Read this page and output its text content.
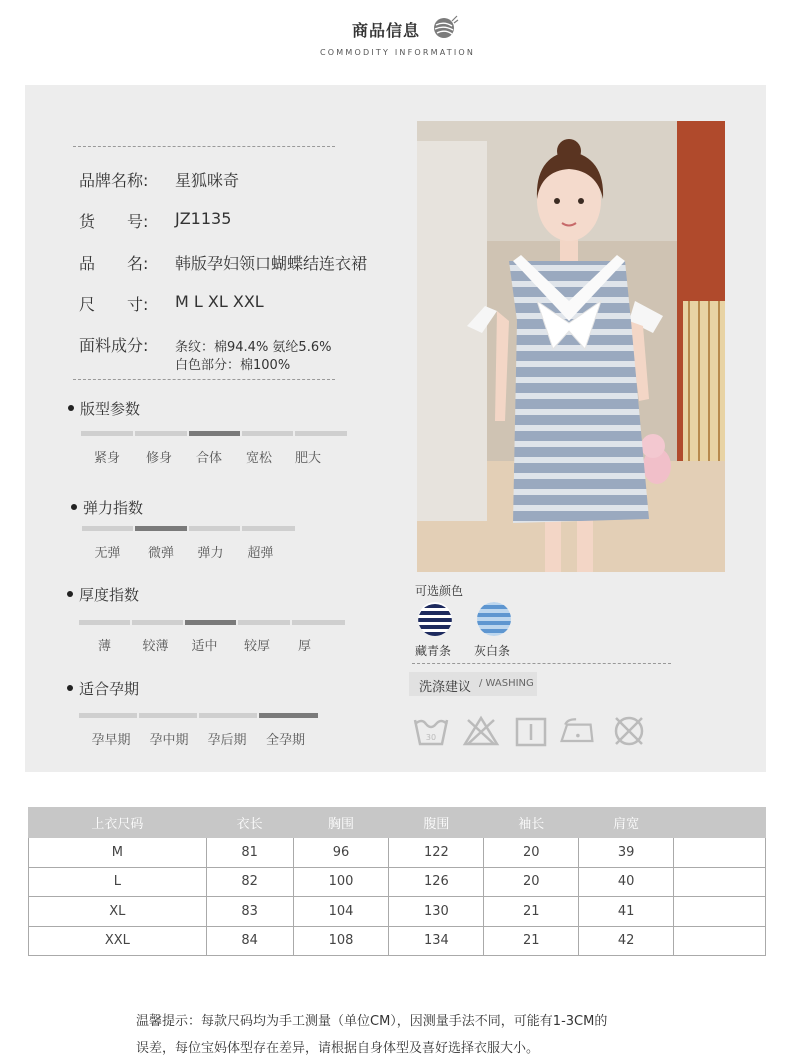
商品信息
COMMODITY INFORMATION
品牌名称: 星狐咪奇
货　　号: JZ1135
品　　名: 韩版孕妇领口蝴蝶结连衣裙
尺　　寸: M L XL XXL
面料成分: 条纹：棉94.4% 氨纶5.6%
白色部分：棉100%
版型参数
紧身	修身	合体	宽松	肥大
弹力指数
无弹	微弹	弹力	超弹
厚度指数
薄	较薄	适中	较厚	厚
适合孕期
孕早期	孕中期	孕后期	全孕期
可选颜色
藏青条 灰白条
洗涤建议 / WASHING
30
上衣尺码	衣长	胸围	腹围	袖长	肩宽	
M	81	96	122	20	39	
L	82	100	126	20	40	
XL	83	104	130	21	41	
XXL	84	108	134	21	42	
温馨提示：每款尺码均为手工测量（单位CM），因测量手法不同，可能有1-3CM的
误差，每位宝妈体型存在差异，请根据自身体型及喜好选择衣服大小。
